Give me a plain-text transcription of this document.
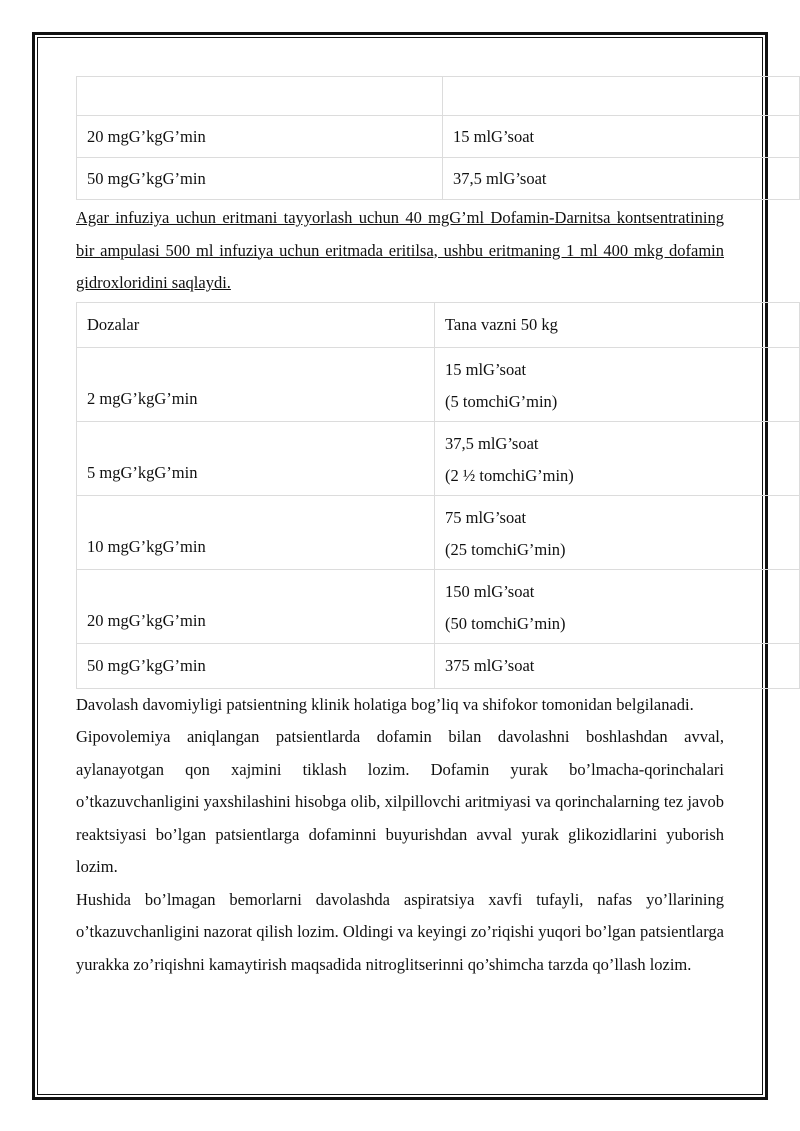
20 mgG’kgG’min	15 mlG’soat
50 mgG’kgG’min	37,5 mlG’soat

Agar infuziya uchun eritmani tayyorlash uchun 40 mgG’ml Dofamin-Darnitsa kontsentratining bir ampulasi 500 ml infuziya uchun eritmada eritilsa, ushbu eritmaning 1 ml 400 mkg dofamin gidroxloridini saqlaydi.

Dozalar	Tana vazni 50 kg
2 mgG’kgG’min	15 mlG’soat
(5 tomchiG’min)

5 mgG’kgG’min	37,5 mlG’soat
(2 ½ tomchiG’min)

10 mgG’kgG’min	75 mlG’soat
(25 tomchiG’min)

20 mgG’kgG’min	150 mlG’soat
(50 tomchiG’min)

50 mgG’kgG’min	375 mlG’soat

Davolash davomiyligi patsientning klinik holatiga bog’liq va shifokor tomonidan belgilanadi.

Gipovolemiya aniqlangan patsientlarda dofamin bilan davolashni boshlashdan avval, aylanayotgan qon xajmini tiklash lozim. Dofamin yurak bo’lmacha-qorinchalari o’tkazuvchanligini yaxshilashini hisobga olib, xilpillovchi aritmiyasi va qorinchalarning tez javob reaktsiyasi bo’lgan patsientlarga dofaminni buyurishdan avval yurak glikozidlarini yuborish lozim.

Hushida bo’lmagan bemorlarni davolashda aspiratsiya xavfi tufayli, nafas yo’llarining o’tkazuvchanligini nazorat qilish lozim. Oldingi va keyingi zo’riqishi yuqori bo’lgan patsientlarga yurakka zo’riqishni kamaytirish maqsadida nitroglitserinni qo’shimcha tarzda qo’llash lozim.
